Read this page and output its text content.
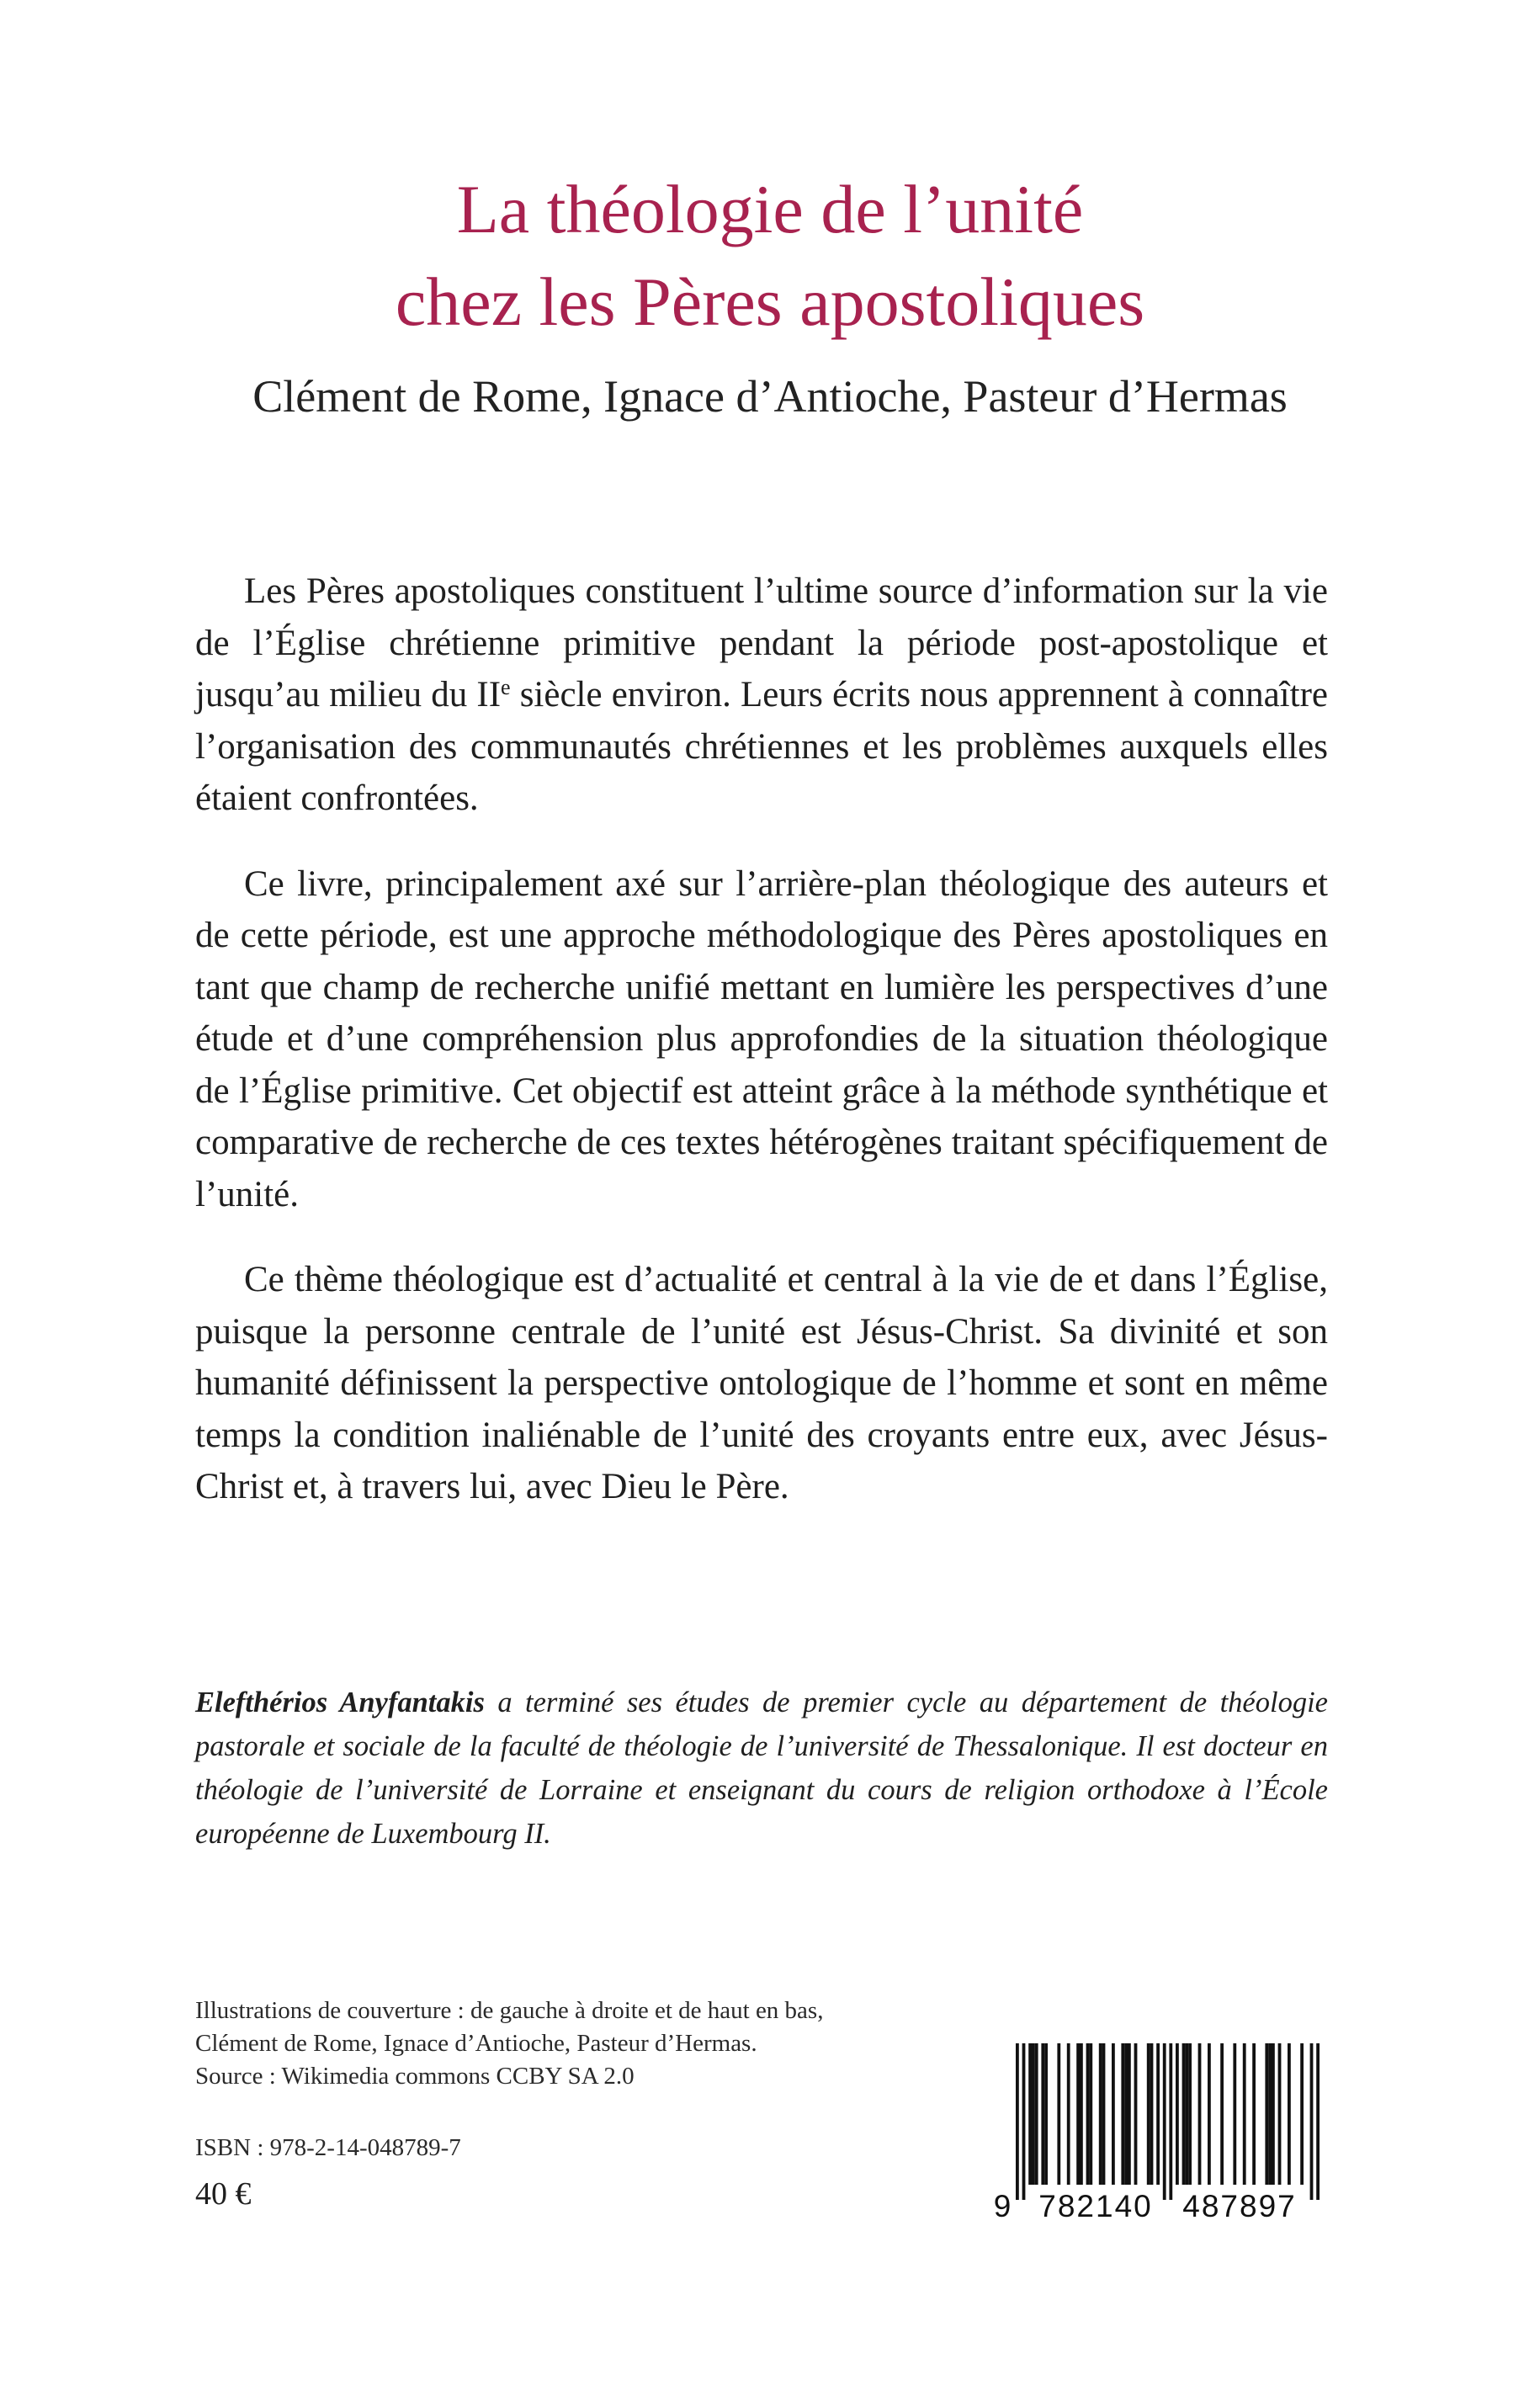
La théologie de l’unité
chez les Pères apostoliques
Clément de Rome, Ignace d’Antioche, Pasteur d’Hermas

Les Pères apostoliques constituent l’ultime source d’information sur la vie de l’Église chrétienne primitive pendant la période post-apostolique et jusqu’au milieu du IIe siècle environ. Leurs écrits nous apprennent à connaître l’organisation des communautés chrétiennes et les problèmes auxquels elles étaient confrontées.

Ce livre, principalement axé sur l’arrière-plan théologique des auteurs et de cette période, est une approche méthodologique des Pères apostoliques en tant que champ de recherche unifié mettant en lumière les perspectives d’une étude et d’une compréhension plus approfondies de la situation théologique de l’Église primitive. Cet objectif est atteint grâce à la méthode synthétique et comparative de recherche de ces textes hétérogènes traitant spécifiquement de l’unité.

Ce thème théologique est d’actualité et central à la vie de et dans l’Église, puisque la personne centrale de l’unité est Jésus-Christ. Sa divinité et son humanité définissent la perspective ontologique de l’homme et sont en même temps la condition inaliénable de l’unité des croyants entre eux, avec Jésus-Christ et, à travers lui, avec Dieu le Père.

Elefthérios Anyfantakis a terminé ses études de premier cycle au département de théologie pastorale et sociale de la faculté de théologie de l’université de Thessalonique. Il est docteur en théologie de l’université de Lorraine et enseignant du cours de religion orthodoxe à l’École européenne de Luxembourg II.

Illustrations de couverture : de gauche à droite et de haut en bas,
Clément de Rome, Ignace d’Antioche, Pasteur d’Hermas.
Source : Wikimedia commons CCBY SA 2.0
ISBN : 978-2-14-048789-7
40 €	9 782140 487897
